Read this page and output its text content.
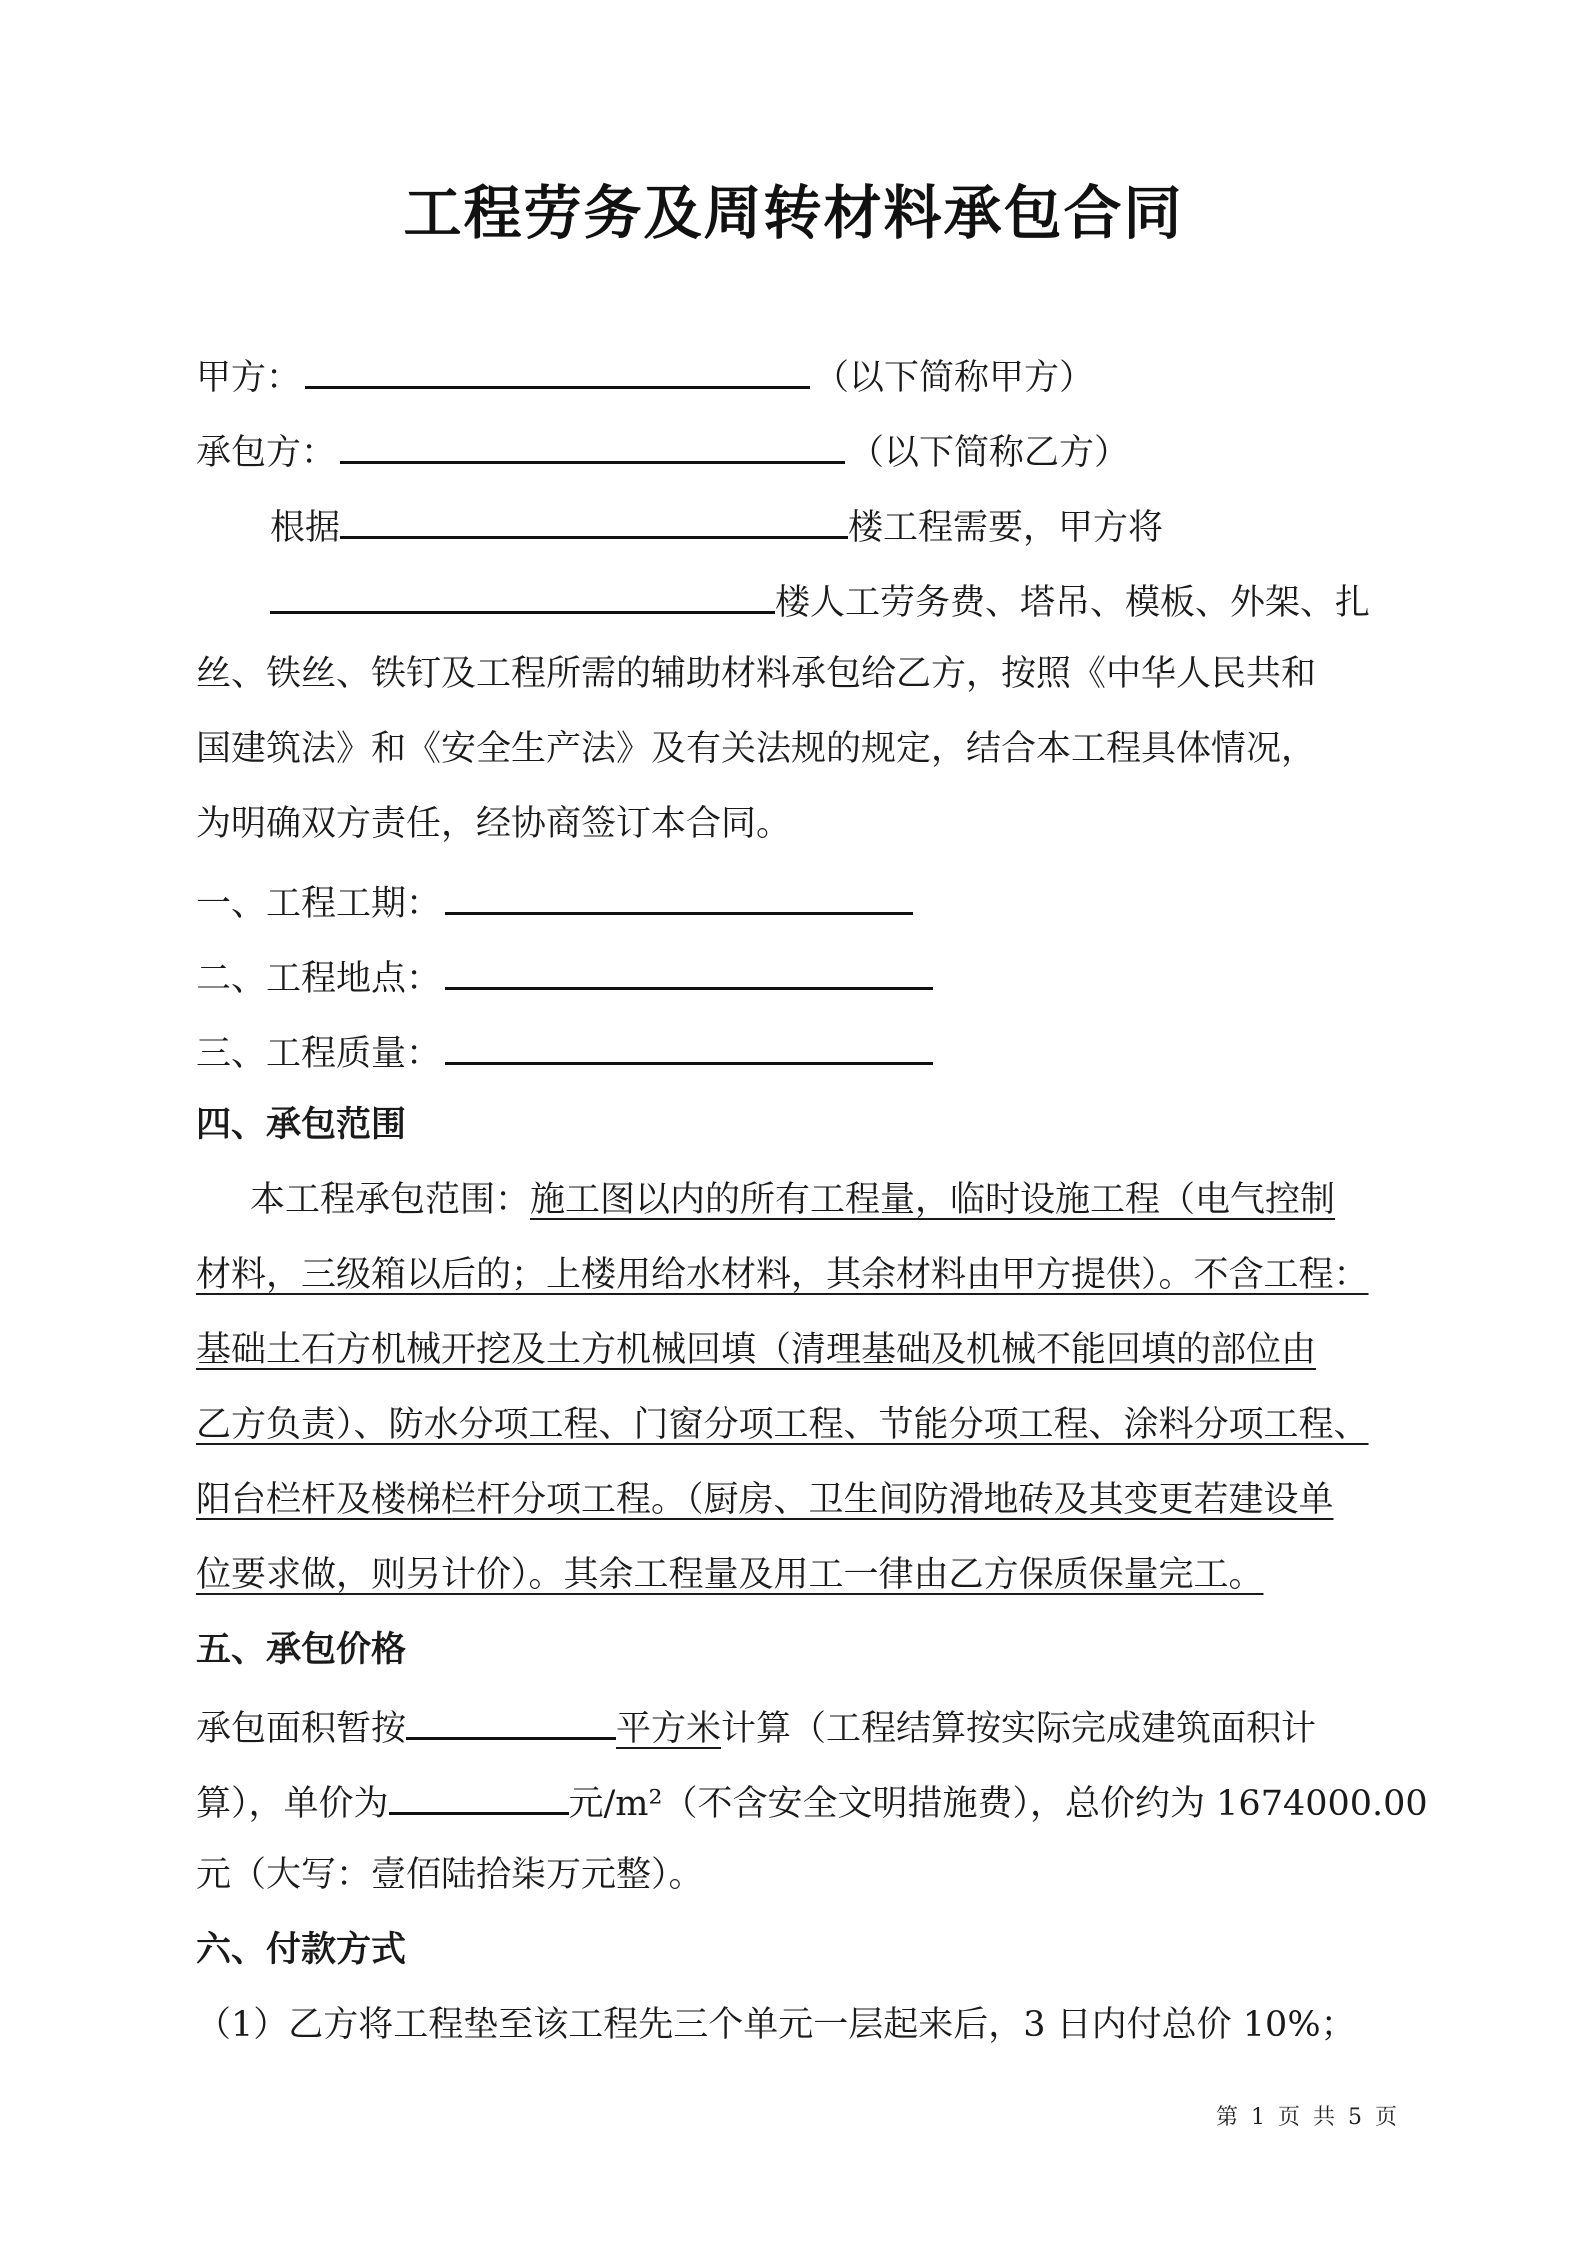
工程劳务及周转材料承包合同
甲方：	（以下简称甲方）
承包方：	（以下简称乙方）
根据	楼工程需要，甲方将
楼人工劳务费、塔吊、模板、外架、扎
丝、铁丝、铁钉及工程所需的辅助材料承包给乙方，按照《中华人民共和
国建筑法》和《安全生产法》及有关法规的规定，结合本工程具体情况，
为明确双方责任，经协商签订本合同。
一、工程工期：
二、工程地点：
三、工程质量：
四、承包范围
本工程承包范围：施工图以内的所有工程量，临时设施工程（电气控制
材料，三级箱以后的；上楼用给水材料，其余材料由甲方提供）。不含工程：
基础土石方机械开挖及土方机械回填（清理基础及机械不能回填的部位由
乙方负责）、防水分项工程、门窗分项工程、节能分项工程、涂料分项工程、
阳台栏杆及楼梯栏杆分项工程。（厨房、卫生间防滑地砖及其变更若建设单
位要求做，则另计价）。其余工程量及用工一律由乙方保质保量完工。
五、承包价格
承包面积暂按	平方米计算（工程结算按实际完成建筑面积计
算），单价为	元/m²（不含安全文明措施费），总价约为 1674000.00
元（大写：壹佰陆拾柒万元整）。
六、付款方式
（1）乙方将工程垫至该工程先三个单元一层起来后，3 日内付总价 10%；
第 1 页 共 5 页
